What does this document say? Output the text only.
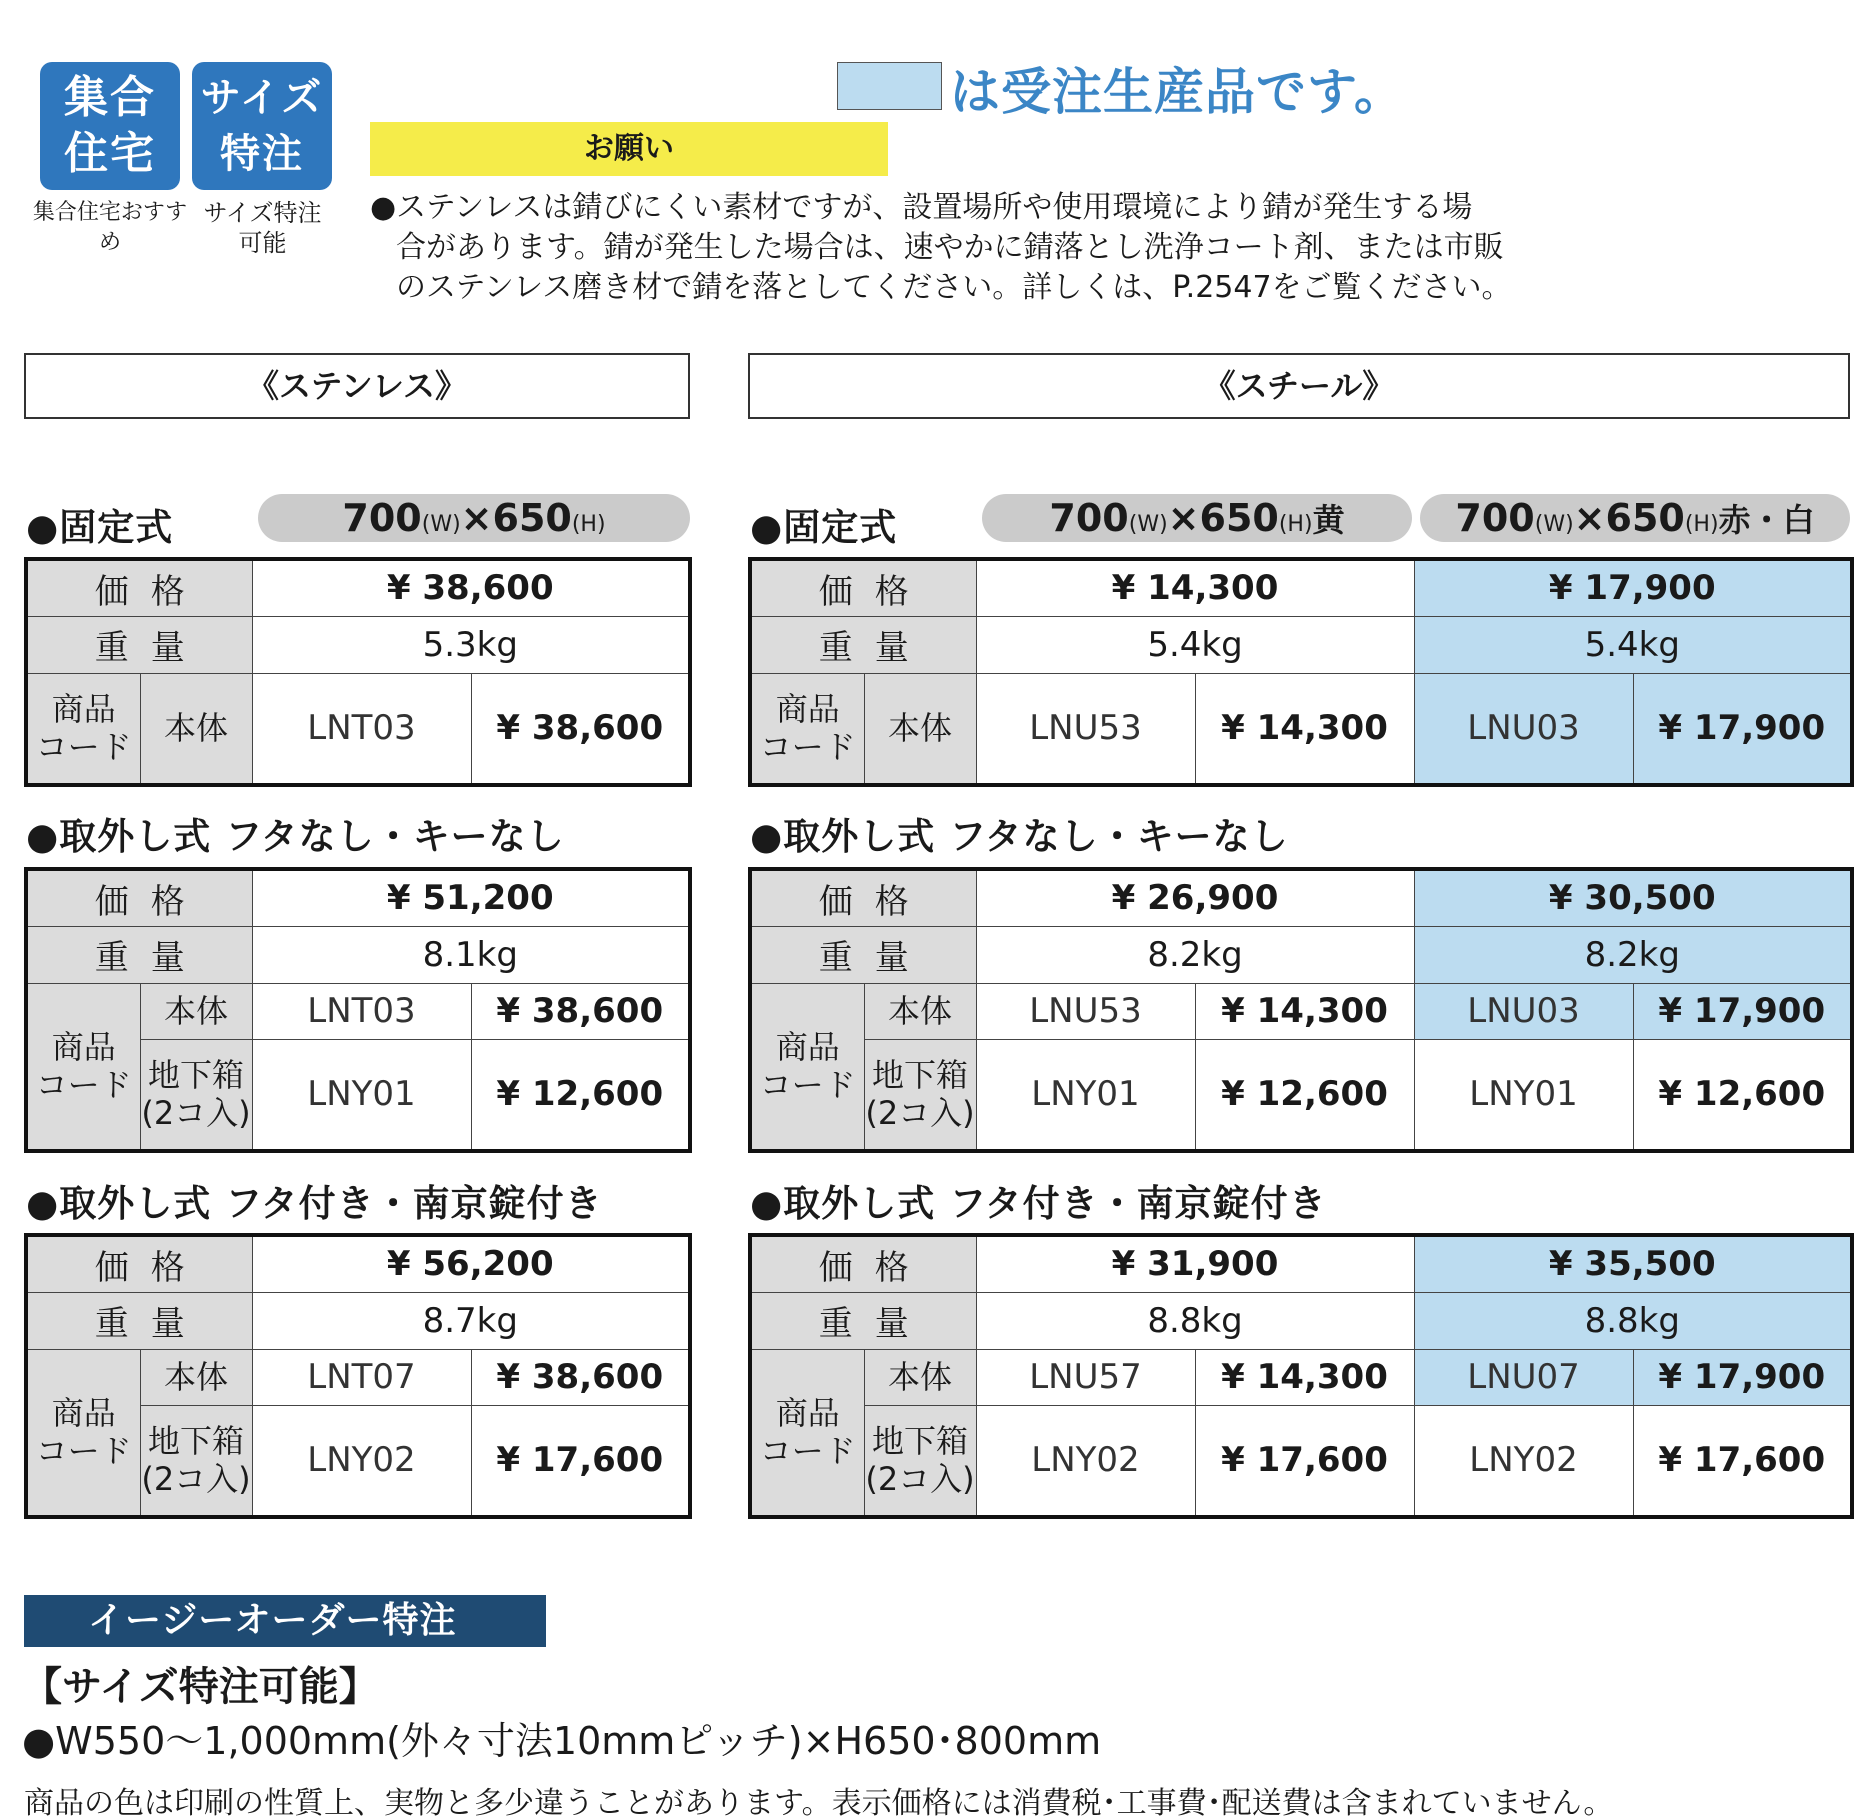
集合
住宅
集合住宅おすすめ
サイズ
特注
サイズ特注
可能
は受注生産品です。
お願い
●ステンレスは錆びにくい素材ですが、設置場所や使用環境により錆が発生する場
合があります。錆が発生した場合は、速やかに錆落とし洗浄コート剤、または市販
のステンレス磨き材で錆を落としてください。詳しくは、P.2547をご覧ください。
《ステンレス》	《スチール》
●固定式	700(W)×650(H)
価格		¥ 38,600	
重量		5.3kg	
商品
コード	本体	LNT03	¥ 38,600
●取外し式 フタなし・キーなし
価格		¥ 51,200	
重量		8.1kg	
商品
コード	本体	LNT03	¥ 38,600
	地下箱
(2コ入)	LNY01	¥ 12,600
●取外し式 フタ付き・南京錠付き
価格		¥ 56,200	
重量		8.7kg	
商品
コード	本体	LNT07	¥ 38,600
	地下箱
(2コ入)	LNY02	¥ 17,600
●固定式	700(W)×650(H)黄	700(W)×650(H)赤・白
価格		¥ 14,300		¥ 17,900	
重量		5.4kg		5.4kg	
商品
コード	本体	LNU53	¥ 14,300	LNU03	¥ 17,900
●取外し式 フタなし・キーなし
価格		¥ 26,900		¥ 30,500	
重量		8.2kg		8.2kg	
商品
コード	本体	LNU53	¥ 14,300	LNU03	¥ 17,900
	地下箱
(2コ入)	LNY01	¥ 12,600	LNY01	¥ 12,600
●取外し式 フタ付き・南京錠付き
価格		¥ 31,900		¥ 35,500	
重量		8.8kg		8.8kg	
商品
コード	本体	LNU57	¥ 14,300	LNU07	¥ 17,900
	地下箱
(2コ入)	LNY02	¥ 17,600	LNY02	¥ 17,600
イージーオーダー特注
【サイズ特注可能】
●W550〜1,000mm(外々寸法10mmピッチ)×H650･800mm
商品の色は印刷の性質上、実物と多少違うことがあります。表示価格には消費税･工事費･配送費は含まれていません。
